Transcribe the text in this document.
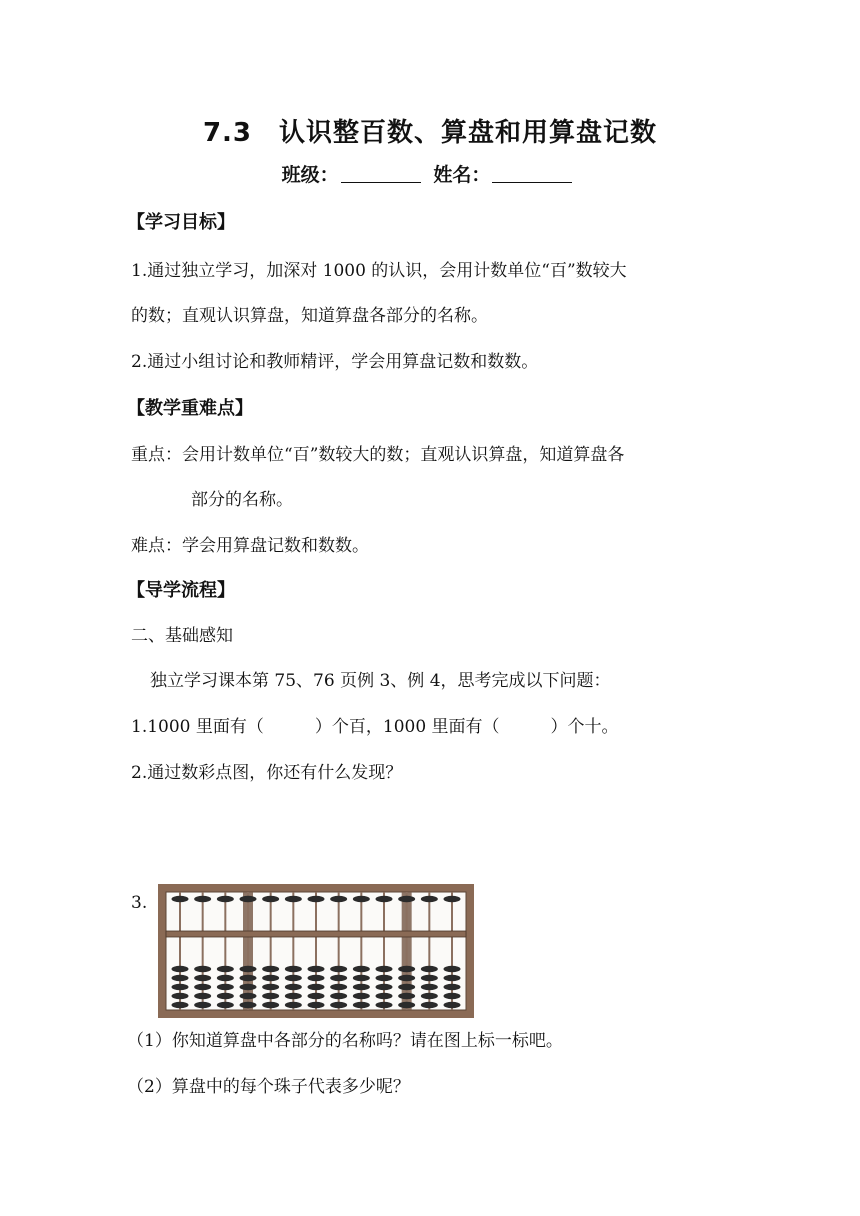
7.3　认识整百数、算盘和用算盘记数
班级：	姓名：
【学习目标】
1.通过独立学习，加深对 1000 的认识，会用计数单位“百”数较大
的数；直观认识算盘，知道算盘各部分的名称。
2.通过小组讨论和教师精评，学会用算盘记数和数数。
【教学重难点】
重点：会用计数单位“百”数较大的数；直观认识算盘，知道算盘各
部分的名称。
难点：学会用算盘记数和数数。
【导学流程】
二、基础感知
独立学习课本第 75、76 页例 3、例 4，思考完成以下问题：
1.1000 里面有（　　　）个百，1000 里面有（　　　）个十。
2.通过数彩点图，你还有什么发现？
3.
（1）你知道算盘中各部分的名称吗？请在图上标一标吧。
（2）算盘中的每个珠子代表多少呢？
